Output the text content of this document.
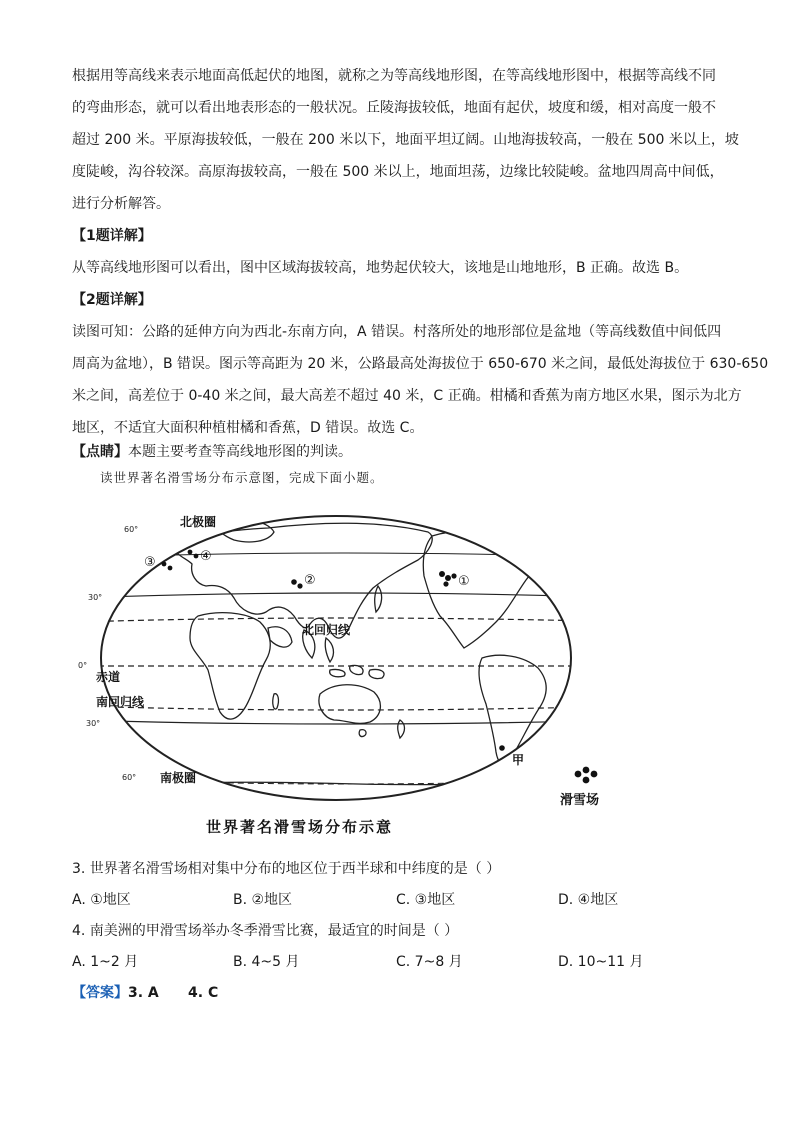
根据用等高线来表示地面高低起伏的地图，就称之为等高线地形图，在等高线地形图中，根据等高线不同
的弯曲形态，就可以看出地表形态的一般状况。丘陵海拔较低，地面有起伏，坡度和缓，相对高度一般不
超过 200 米。平原海拔较低，一般在 200 米以下，地面平坦辽阔。山地海拔较高，一般在 500 米以上，坡
度陡峻，沟谷较深。高原海拔较高，一般在 500 米以上，地面坦荡，边缘比较陡峻。盆地四周高中间低，
进行分析解答。

【1题详解】
从等高线地形图可以看出，图中区域海拔较高，地势起伏较大，该地是山地地形，B 正确。故选 B。

【2题详解】
读图可知：公路的延伸方向为西北-东南方向，A 错误。村落所处的地形部位是盆地（等高线数值中间低四
周高为盆地），B 错误。图示等高距为 20 米，公路最高处海拔位于 650-670 米之间，最低处海拔位于 630-650
米之间，高差位于 0-40 米之间，最大高差不超过 40 米，C 正确。柑橘和香蕉为南方地区水果，图示为北方
地区，不适宜大面积种植柑橘和香蕉，D 错误。故选 C。

【点睛】本题主要考查等高线地形图的判读。

读世界著名滑雪场分布示意图，完成下面小题。
60°
30°
0°
30°
60°
北极圈
北回归线
赤道
南回归线
南极圈
①
②
③	④
甲
滑雪场
世界著名滑雪场分布示意
3. 世界著名滑雪场相对集中分布的地区位于西半球和中纬度的是（ ）
A. ①地区	B. ②地区	C. ③地区	D. ④地区
4. 南美洲的甲滑雪场举办冬季滑雪比赛，最适宜的时间是（ ）
A. 1~2 月	B. 4~5 月	C. 7~8 月	D. 10~11 月
【答案】3. A      4. C
